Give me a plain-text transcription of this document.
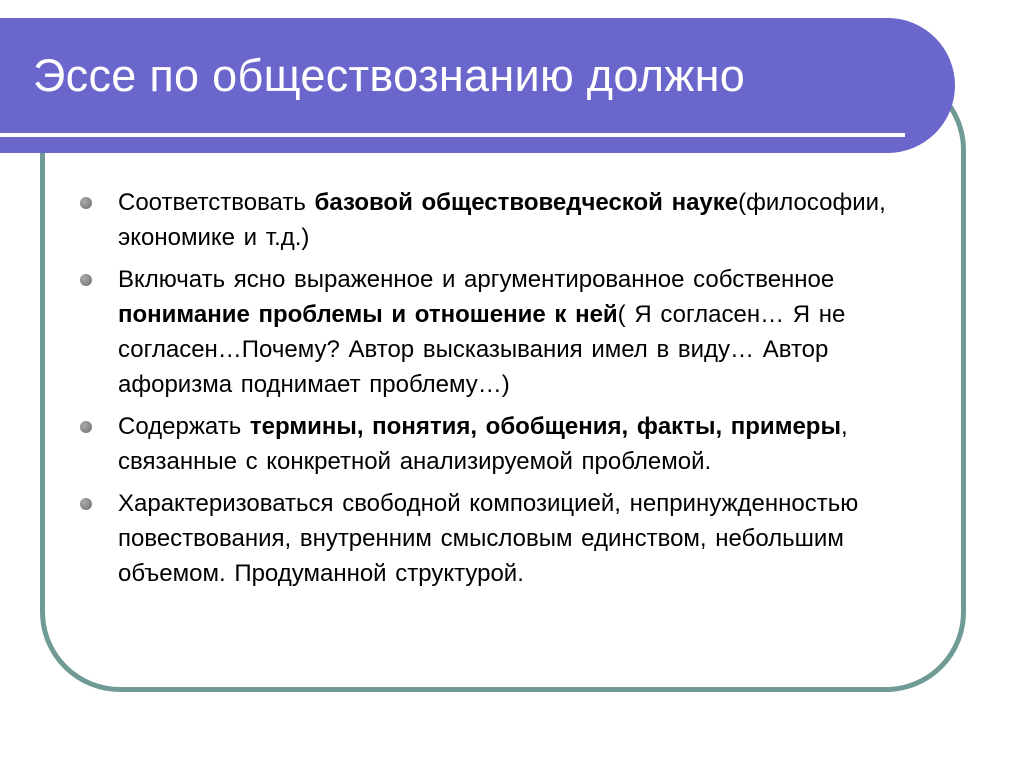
Эссе по обществознанию должно
Соответствовать базовой обществоведческой науке(философии, экономике и т.д.)
Включать ясно выраженное и аргументированное собственное понимание проблемы и отношение к ней( Я согласен… Я не согласен…Почему? Автор высказывания имел в виду… Автор афоризма поднимает проблему…)
Содержать термины, понятия, обобщения, факты, примеры, связанные с конкретной анализируемой проблемой.
Характеризоваться свободной композицией, непринужденностью повествования, внутренним смысловым единством, небольшим объемом. Продуманной структурой.
